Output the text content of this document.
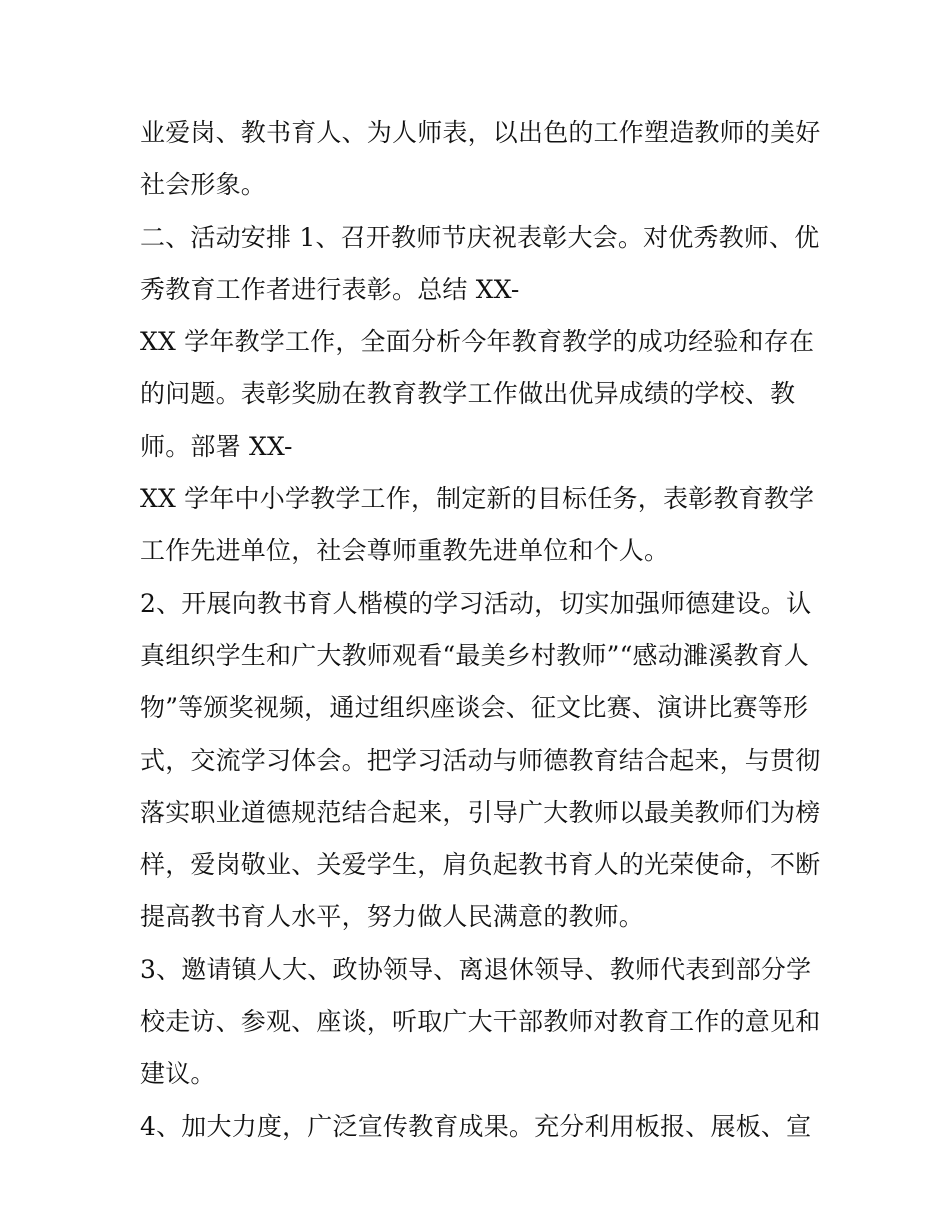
业爱岗、教书育人、为人师表，以出色的工作塑造教师的美好
社会形象。
二、活动安排 1、召开教师节庆祝表彰大会。对优秀教师、优
秀教育工作者进行表彰。总结 XX-
XX 学年教学工作，全面分析今年教育教学的成功经验和存在
的问题。表彰奖励在教育教学工作做出优异成绩的学校、教
师。部署 XX-
XX 学年中小学教学工作，制定新的目标任务，表彰教育教学
工作先进单位，社会尊师重教先进单位和个人。
2、开展向教书育人楷模的学习活动，切实加强师德建设。认
真组织学生和广大教师观看“最美乡村教师”“感动濉溪教育人
物”等颁奖视频，通过组织座谈会、征文比赛、演讲比赛等形
式，交流学习体会。把学习活动与师德教育结合起来，与贯彻
落实职业道德规范结合起来，引导广大教师以最美教师们为榜
样，爱岗敬业、关爱学生，肩负起教书育人的光荣使命，不断
提高教书育人水平，努力做人民满意的教师。
3、邀请镇人大、政协领导、离退休领导、教师代表到部分学
校走访、参观、座谈，听取广大干部教师对教育工作的意见和
建议。
4、加大力度，广泛宣传教育成果。充分利用板报、展板、宣
